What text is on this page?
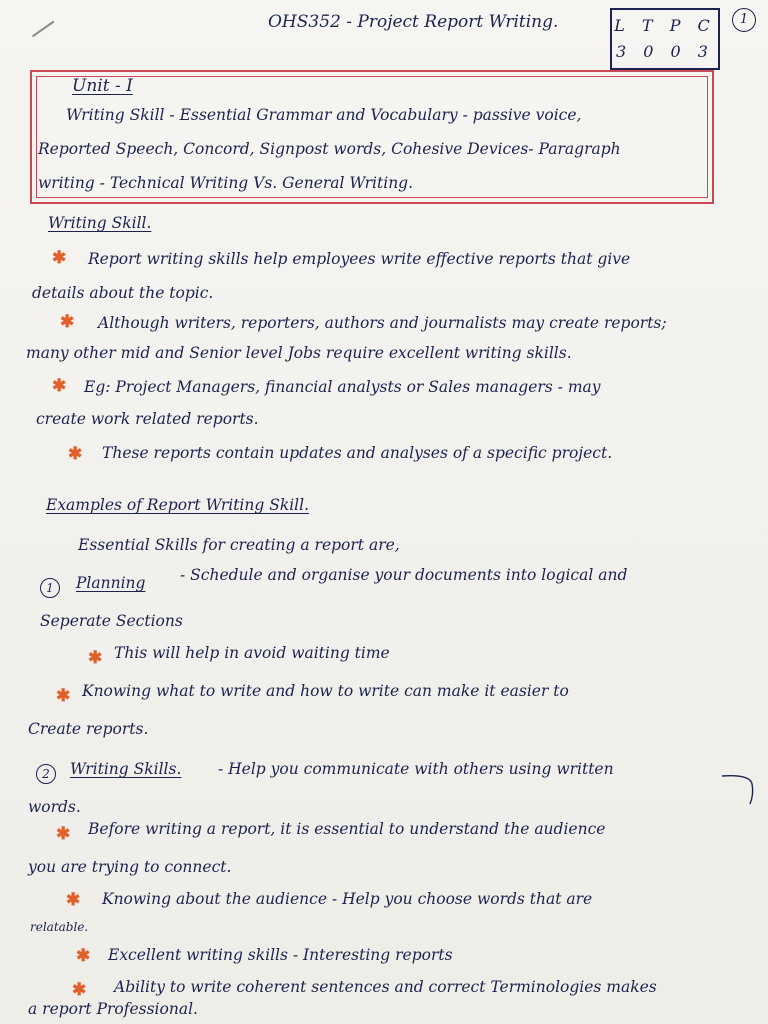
OHS352 - Project Report Writing.	L T P C
3 0 0 3
1
Unit - I
Writing Skill - Essential Grammar and Vocabulary - passive voice,
Reported Speech, Concord, Signpost words, Cohesive Devices- Paragraph
writing - Technical Writing Vs. General Writing.
Writing Skill.
✱ Report writing skills help employees write effective reports that give
details about the topic.
✱ Although writers, reporters, authors and journalists may create reports;
many other mid and Senior level Jobs require excellent writing skills.
✱ Eg: Project Managers, financial analysts or Sales managers - may
create work related reports.
✱ These reports contain updates and analyses of a specific project.
Examples of Report Writing Skill.
Essential Skills for creating a report are,
1	Planning - Schedule and organise your documents into logical and
Seperate Sections
✱ This will help in avoid waiting time
✱ Knowing what to write and how to write can make it easier to
Create reports.
2	Writing Skills. - Help you communicate with others using written
words.
✱ Before writing a report, it is essential to understand the audience
you are trying to connect.
✱ Knowing about the audience - Help you choose words that are
relatable.
✱ Excellent writing skills - Interesting reports
✱ Ability to write coherent sentences and correct Terminologies makes
a report Professional.
